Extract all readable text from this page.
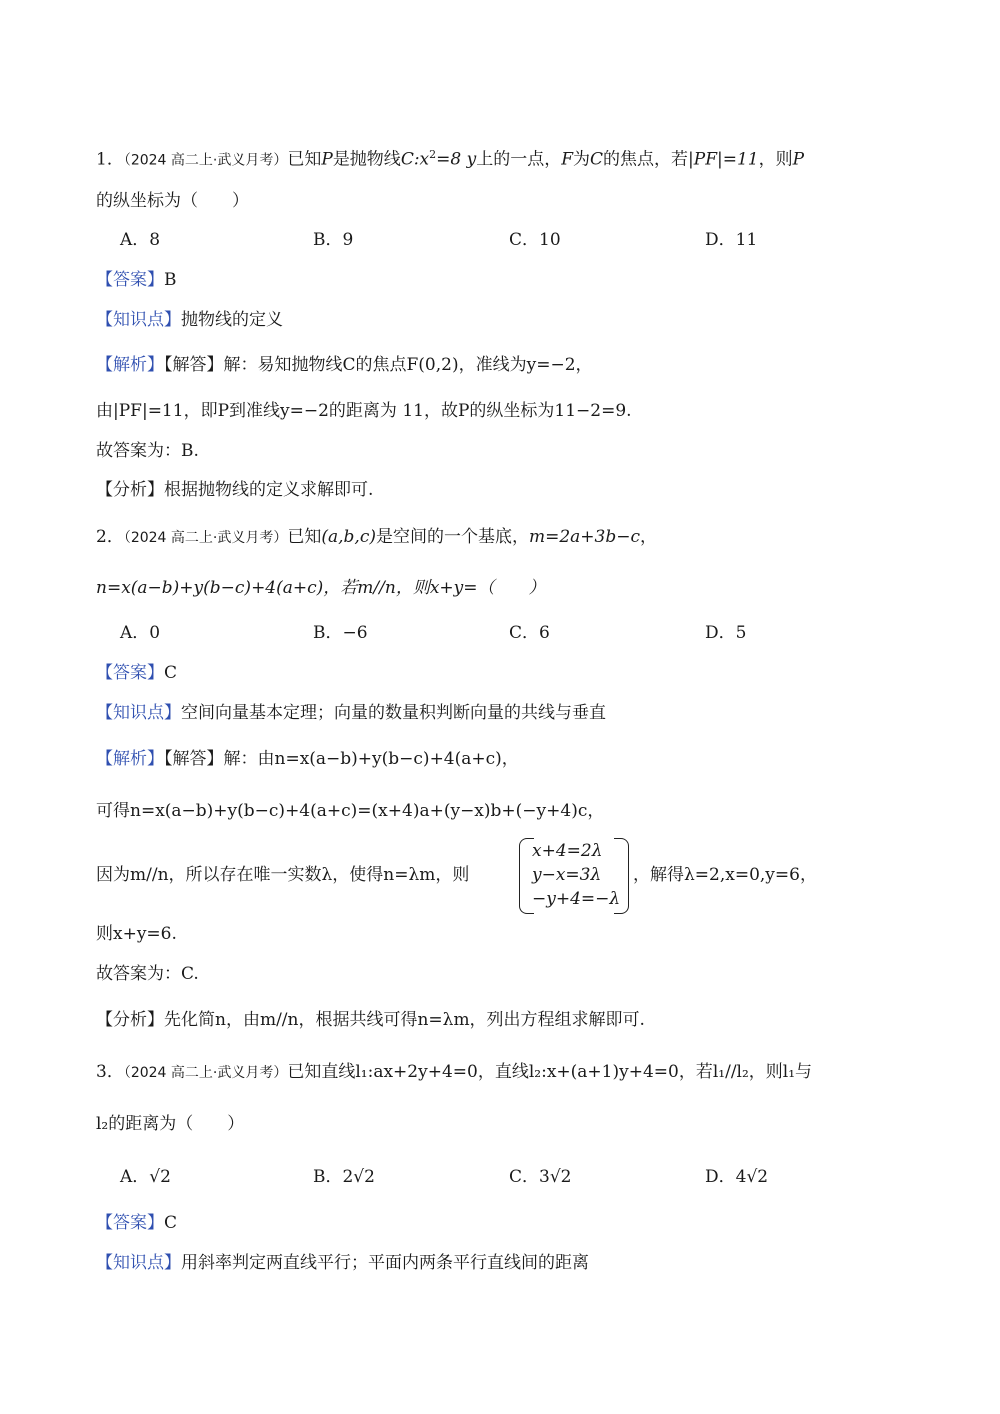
1．（2024 高二上·武义月考）已知P是抛物线$C:x^2=8$ y上的一点，F为C的焦点，若|PF|=11，则P
的纵坐标为（　　）
A．8	B．9	C．10	D．11
【答案】B
【知识点】抛物线的定义
【解析】【解答】解：易知抛物线C的焦点F(0,2)，准线为y=−2，
由|PF|=11，即P到准线y=−2的距离为 11，故P的纵坐标为11−2=9.
故答案为：B.
【分析】根据抛物线的定义求解即可.
2．（2024 高二上·武义月考）已知(a,b,c)是空间的一个基底，m=2a+3b−c，
n=x(a−b)+y(b−c)+4(a+c)，若m//n，则x+y=（　　）
A．0	B．−6	C．6	D．5
【答案】C
【知识点】空间向量基本定理；向量的数量积判断向量的共线与垂直
【解析】【解答】解：由n=x(a−b)+y(b−c)+4(a+c)，
可得n=x(a−b)+y(b−c)+4(a+c)=(x+4)a+(y−x)b+(−y+4)c，
因为m//n，所以存在唯一实数λ，使得n=λm，则
x+4=2λ
y−x=3λ
−y+4=−λ
，解得λ=2,x=0,y=6，
则x+y=6.
故答案为：C.
【分析】先化简n，由m//n，根据共线可得n=λm，列出方程组求解即可.
3．（2024 高二上·武义月考）已知直线l₁:ax+2y+4=0，直线l₂:x+(a+1)y+4=0，若l₁//l₂，则l₁与
l₂的距离为（　　）
A．√2	B．2√2	C．3√2	D．4√2
【答案】C
【知识点】用斜率判定两直线平行；平面内两条平行直线间的距离
